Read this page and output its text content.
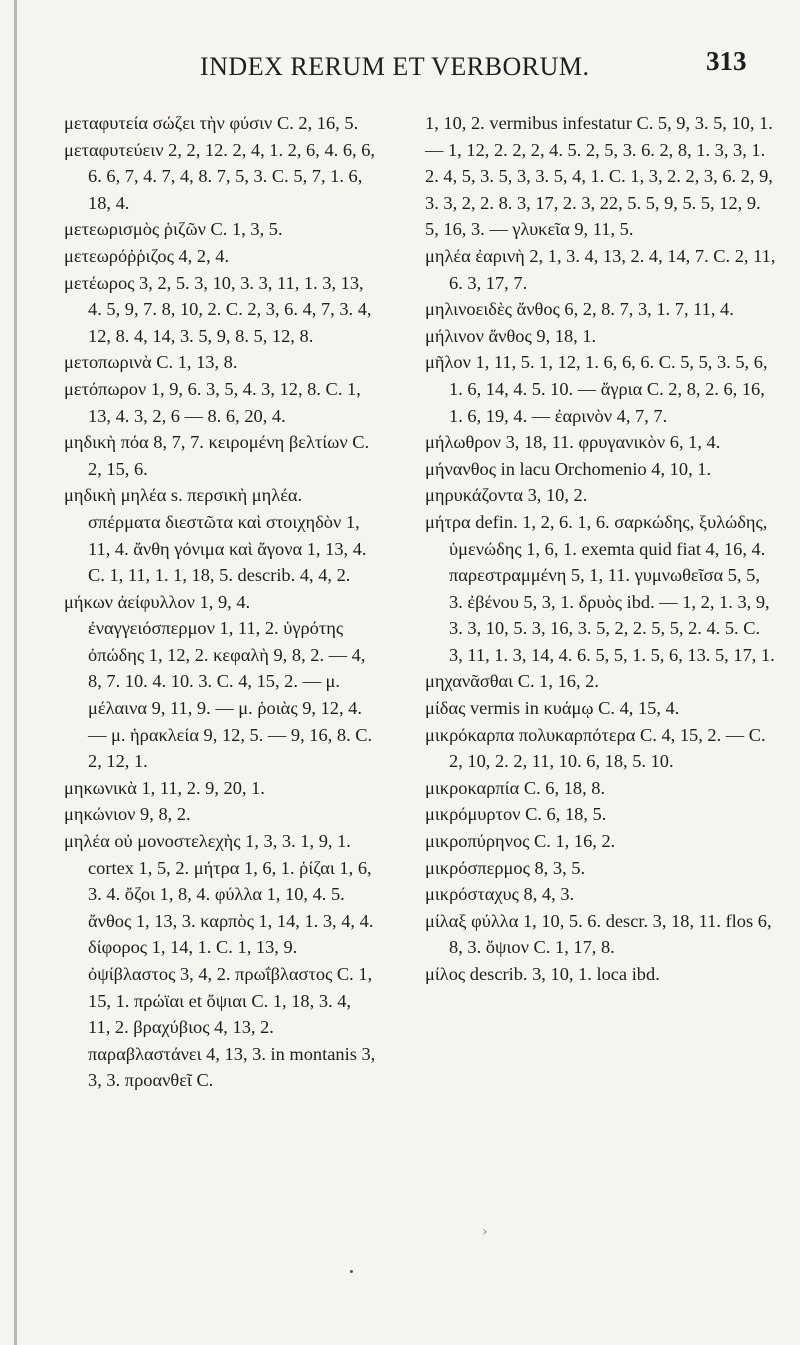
INDEX RERUM ET VERBORUM.	313

μεταφυτεία σώζει τὴν φύσιν C. 2, 16, 5.

μεταφυτεύειν 2, 2, 12. 2, 4, 1. 2, 6, 4. 6, 6, 6. 6, 7, 4. 7, 4, 8. 7, 5, 3. C. 5, 7, 1. 6, 18, 4.

μετεωρισμὸς ῥιζῶν C. 1, 3, 5.

μετεωρόῤῥιζος 4, 2, 4.

μετέωρος 3, 2, 5. 3, 10, 3. 3, 11, 1. 3, 13, 4. 5, 9, 7. 8, 10, 2. C. 2, 3, 6. 4, 7, 3. 4, 12, 8. 4, 14, 3. 5, 9, 8. 5, 12, 8.

μετοπωρινὰ C. 1, 13, 8.

μετόπωρον 1, 9, 6. 3, 5, 4. 3, 12, 8. C. 1, 13, 4. 3, 2, 6 — 8. 6, 20, 4.

μηδικὴ πόα 8, 7, 7. κειρομένη βελτίων C. 2, 15, 6.

μηδικὴ μηλέα s. περσικὴ μηλέα. σπέρματα διεστῶτα καὶ στοιχηδὸν 1, 11, 4. ἄνθη γόνιμα καὶ ἄγονα 1, 13, 4. C. 1, 11, 1. 1, 18, 5. describ. 4, 4, 2.

μήκων ἀείφυλλον 1, 9, 4. ἐναγγειόσπερμον 1, 11, 2. ὑγρότης ὀπώδης 1, 12, 2. κεφαλὴ 9, 8, 2. — 4, 8, 7. 10. 4. 10. 3. C. 4, 15, 2. — μ. μέλαινα 9, 11, 9. — μ. ῥοιὰς 9, 12, 4. — μ. ἡρακλεία 9, 12, 5. — 9, 16, 8. C. 2, 12, 1.

μηκωνικὰ 1, 11, 2. 9, 20, 1.

μηκώνιον 9, 8, 2.

μηλέα οὐ μονοστελεχὴς 1, 3, 3. 1, 9, 1. cortex 1, 5, 2. μήτρα 1, 6, 1. ῥίζαι 1, 6, 3. 4. ὄζοι 1, 8, 4. φύλλα 1, 10, 4. 5. ἄνθος 1, 13, 3. καρπὸς 1, 14, 1. 3, 4, 4. δίφορος 1, 14, 1. C. 1, 13, 9. ὀψίβλαστος 3, 4, 2. πρωΐβλαστος C. 1, 15, 1. πρώϊαι et ὄψιαι C. 1, 18, 3. 4, 11, 2. βραχύβιος 4, 13, 2. παραβλαστάνει 4, 13, 3. in montanis 3, 3, 3. προανθεῖ C.

1, 10, 2. vermibus infestatur C. 5, 9, 3. 5, 10, 1. — 1, 12, 2. 2, 2, 4. 5. 2, 5, 3. 6. 2, 8, 1. 3, 3, 1. 2. 4, 5, 3. 5, 3, 3. 5, 4, 1. C. 1, 3, 2. 2, 3, 6. 2, 9, 3. 3, 2, 2. 8. 3, 17, 2. 3, 22, 5. 5, 9, 5. 5, 12, 9. 5, 16, 3. — γλυκεῖα 9, 11, 5.

μηλέα ἐαρινὴ 2, 1, 3. 4, 13, 2. 4, 14, 7. C. 2, 11, 6. 3, 17, 7.

μηλινοειδὲς ἄνθος 6, 2, 8. 7, 3, 1. 7, 11, 4.

μήλινον ἄνθος 9, 18, 1.

μῆλον 1, 11, 5. 1, 12, 1. 6, 6, 6. C. 5, 5, 3. 5, 6, 1. 6, 14, 4. 5. 10. — ἄγρια C. 2, 8, 2. 6, 16, 1. 6, 19, 4. — ἐαρινὸν 4, 7, 7.

μήλωθρον 3, 18, 11. φρυγανικὸν 6, 1, 4.

μήνανθος in lacu Orchomenio 4, 10, 1.

μηρυκάζοντα 3, 10, 2.

μήτρα defin. 1, 2, 6. 1, 6. σαρκώδης, ξυλώδης, ὑμενώδης 1, 6, 1. exemta quid fiat 4, 16, 4. παρεστραμμένη 5, 1, 11. γυμνωθεῖσα 5, 5, 3. ἐβένου 5, 3, 1. δρυὸς ibd. — 1, 2, 1. 3, 9, 3. 3, 10, 5. 3, 16, 3. 5, 2, 2. 5, 5, 2. 4. 5. C. 3, 11, 1. 3, 14, 4. 6. 5, 5, 1. 5, 6, 13. 5, 17, 1.

μηχανᾶσθαι C. 1, 16, 2.

μίδας vermis in κυάμῳ C. 4, 15, 4.

μικρόκαρπα πολυκαρπότερα C. 4, 15, 2. — C. 2, 10, 2. 2, 11, 10. 6, 18, 5. 10.

μικροκαρπία C. 6, 18, 8.

μικρόμυρτον C. 6, 18, 5.

μικροπύρηνος C. 1, 16, 2.

μικρόσπερμος 8, 3, 5.

μικρόσταχυς 8, 4, 3.

μίλαξ φύλλα 1, 10, 5. 6. descr. 3, 18, 11. flos 6, 8, 3. ὄψιον C. 1, 17, 8.

μίλος describ. 3, 10, 1. loca ibd.

›
